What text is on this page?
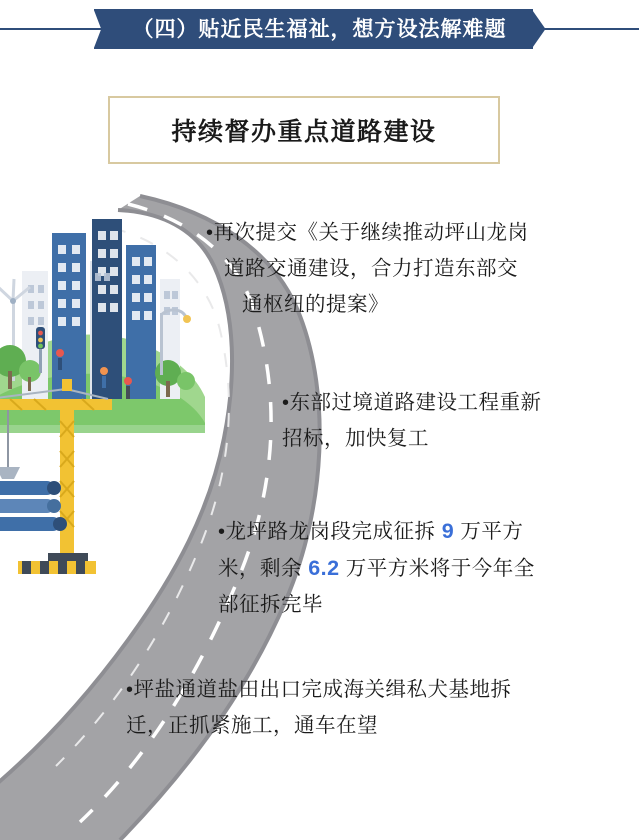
（四）贴近民生福祉，想方设法解难题
持续督办重点道路建设
•再次提交《关于继续推动坪山龙岗
道路交通建设，合力打造东部交
通枢纽的提案》
•东部过境道路建设工程重新
招标，加快复工
•龙坪路龙岗段完成征拆 9 万平方
米，剩余 6.2 万平方米将于今年全
部征拆完毕
•坪盐通道盐田出口完成海关缉私犬基地拆
迁，正抓紧施工，通车在望
